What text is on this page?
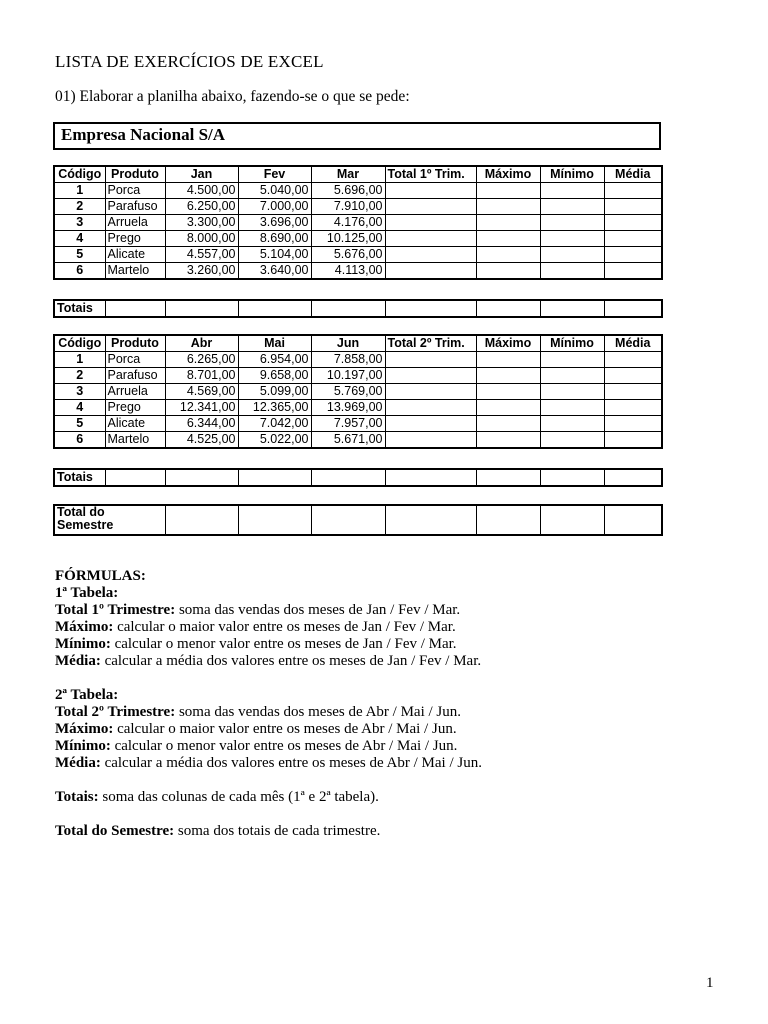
LISTA DE EXERCÍCIOS DE EXCEL
01) Elaborar a planilha abaixo, fazendo-se o que se pede:
Empresa Nacional S/A
Código	Produto	Jan	Fev	Mar	Total 1º Trim.	Máximo	Mínimo	Média
1	Porca	4.500,00	5.040,00	5.696,00				
2	Parafuso	6.250,00	7.000,00	7.910,00				
3	Arruela	3.300,00	3.696,00	4.176,00				
4	Prego	8.000,00	8.690,00	10.125,00				
5	Alicate	4.557,00	5.104,00	5.676,00				
6	Martelo	3.260,00	3.640,00	4.113,00				
Totais								
Código	Produto	Abr	Mai	Jun	Total 2º Trim.	Máximo	Mínimo	Média
1	Porca	6.265,00	6.954,00	7.858,00				
2	Parafuso	8.701,00	9.658,00	10.197,00				
3	Arruela	4.569,00	5.099,00	5.769,00				
4	Prego	12.341,00	12.365,00	13.969,00				
5	Alicate	6.344,00	7.042,00	7.957,00				
6	Martelo	4.525,00	5.022,00	5.671,00				
Totais								
Total do Semestre							

FÓRMULAS:

1ª Tabela:

Total 1º Trimestre: soma das vendas dos meses de Jan / Fev / Mar.

Máximo: calcular o maior valor entre os meses de Jan / Fev / Mar.

Mínimo: calcular o menor valor entre os meses de Jan / Fev / Mar.

Média: calcular a média dos valores entre os meses de Jan / Fev / Mar.

2ª Tabela:

Total 2º Trimestre: soma das vendas dos meses de Abr / Mai / Jun.

Máximo: calcular o maior valor entre os meses de Abr / Mai / Jun.

Mínimo: calcular o menor valor entre os meses de Abr / Mai / Jun.

Média: calcular a média dos valores entre os meses de Abr / Mai / Jun.

Totais: soma das colunas de cada mês (1ª e 2ª tabela).

Total do Semestre: soma dos totais de cada trimestre.

1
